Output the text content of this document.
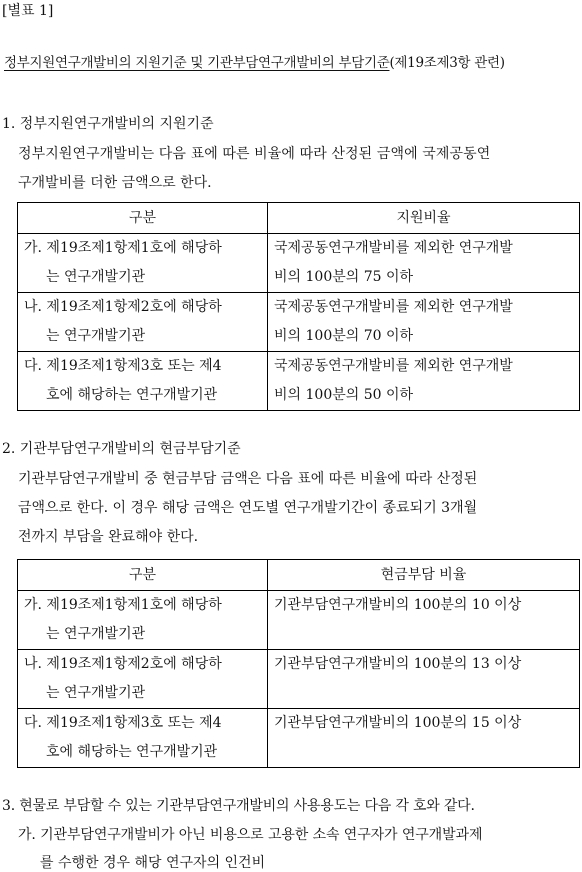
[별표 1]
정부지원연구개발비의 지원기준 및 기관부담연구개발비의 부담기준(제19조제3항 관련)
1. 정부지원연구개발비의 지원기준
정부지원연구개발비는 다음 표에 따른 비율에 따라 산정된 금액에 국제공동연
구개발비를 더한 금액으로 한다.
구분	지원비율

가. 제19조제1항제1호에 해당하
는 연구개발기관	국제공동연구개발비를 제외한 연구개발
비의 100분의 75 이하

나. 제19조제1항제2호에 해당하
는 연구개발기관	국제공동연구개발비를 제외한 연구개발
비의 100분의 70 이하

다. 제19조제1항제3호 또는 제4
호에 해당하는 연구개발기관	국제공동연구개발비를 제외한 연구개발
비의 100분의 50 이하
2. 기관부담연구개발비의 현금부담기준
기관부담연구개발비 중 현금부담 금액은 다음 표에 따른 비율에 따라 산정된
금액으로 한다. 이 경우 해당 금액은 연도별 연구개발기간이 종료되기 3개월
전까지 부담을 완료해야 한다.
구분	현금부담 비율

가. 제19조제1항제1호에 해당하
는 연구개발기관	기관부담연구개발비의 100분의 10 이상

나. 제19조제1항제2호에 해당하
는 연구개발기관	기관부담연구개발비의 100분의 13 이상

다. 제19조제1항제3호 또는 제4
호에 해당하는 연구개발기관	기관부담연구개발비의 100분의 15 이상
3. 현물로 부담할 수 있는 기관부담연구개발비의 사용용도는 다음 각 호와 같다.
가. 기관부담연구개발비가 아닌 비용으로 고용한 소속 연구자가 연구개발과제
를 수행한 경우 해당 연구자의 인건비
